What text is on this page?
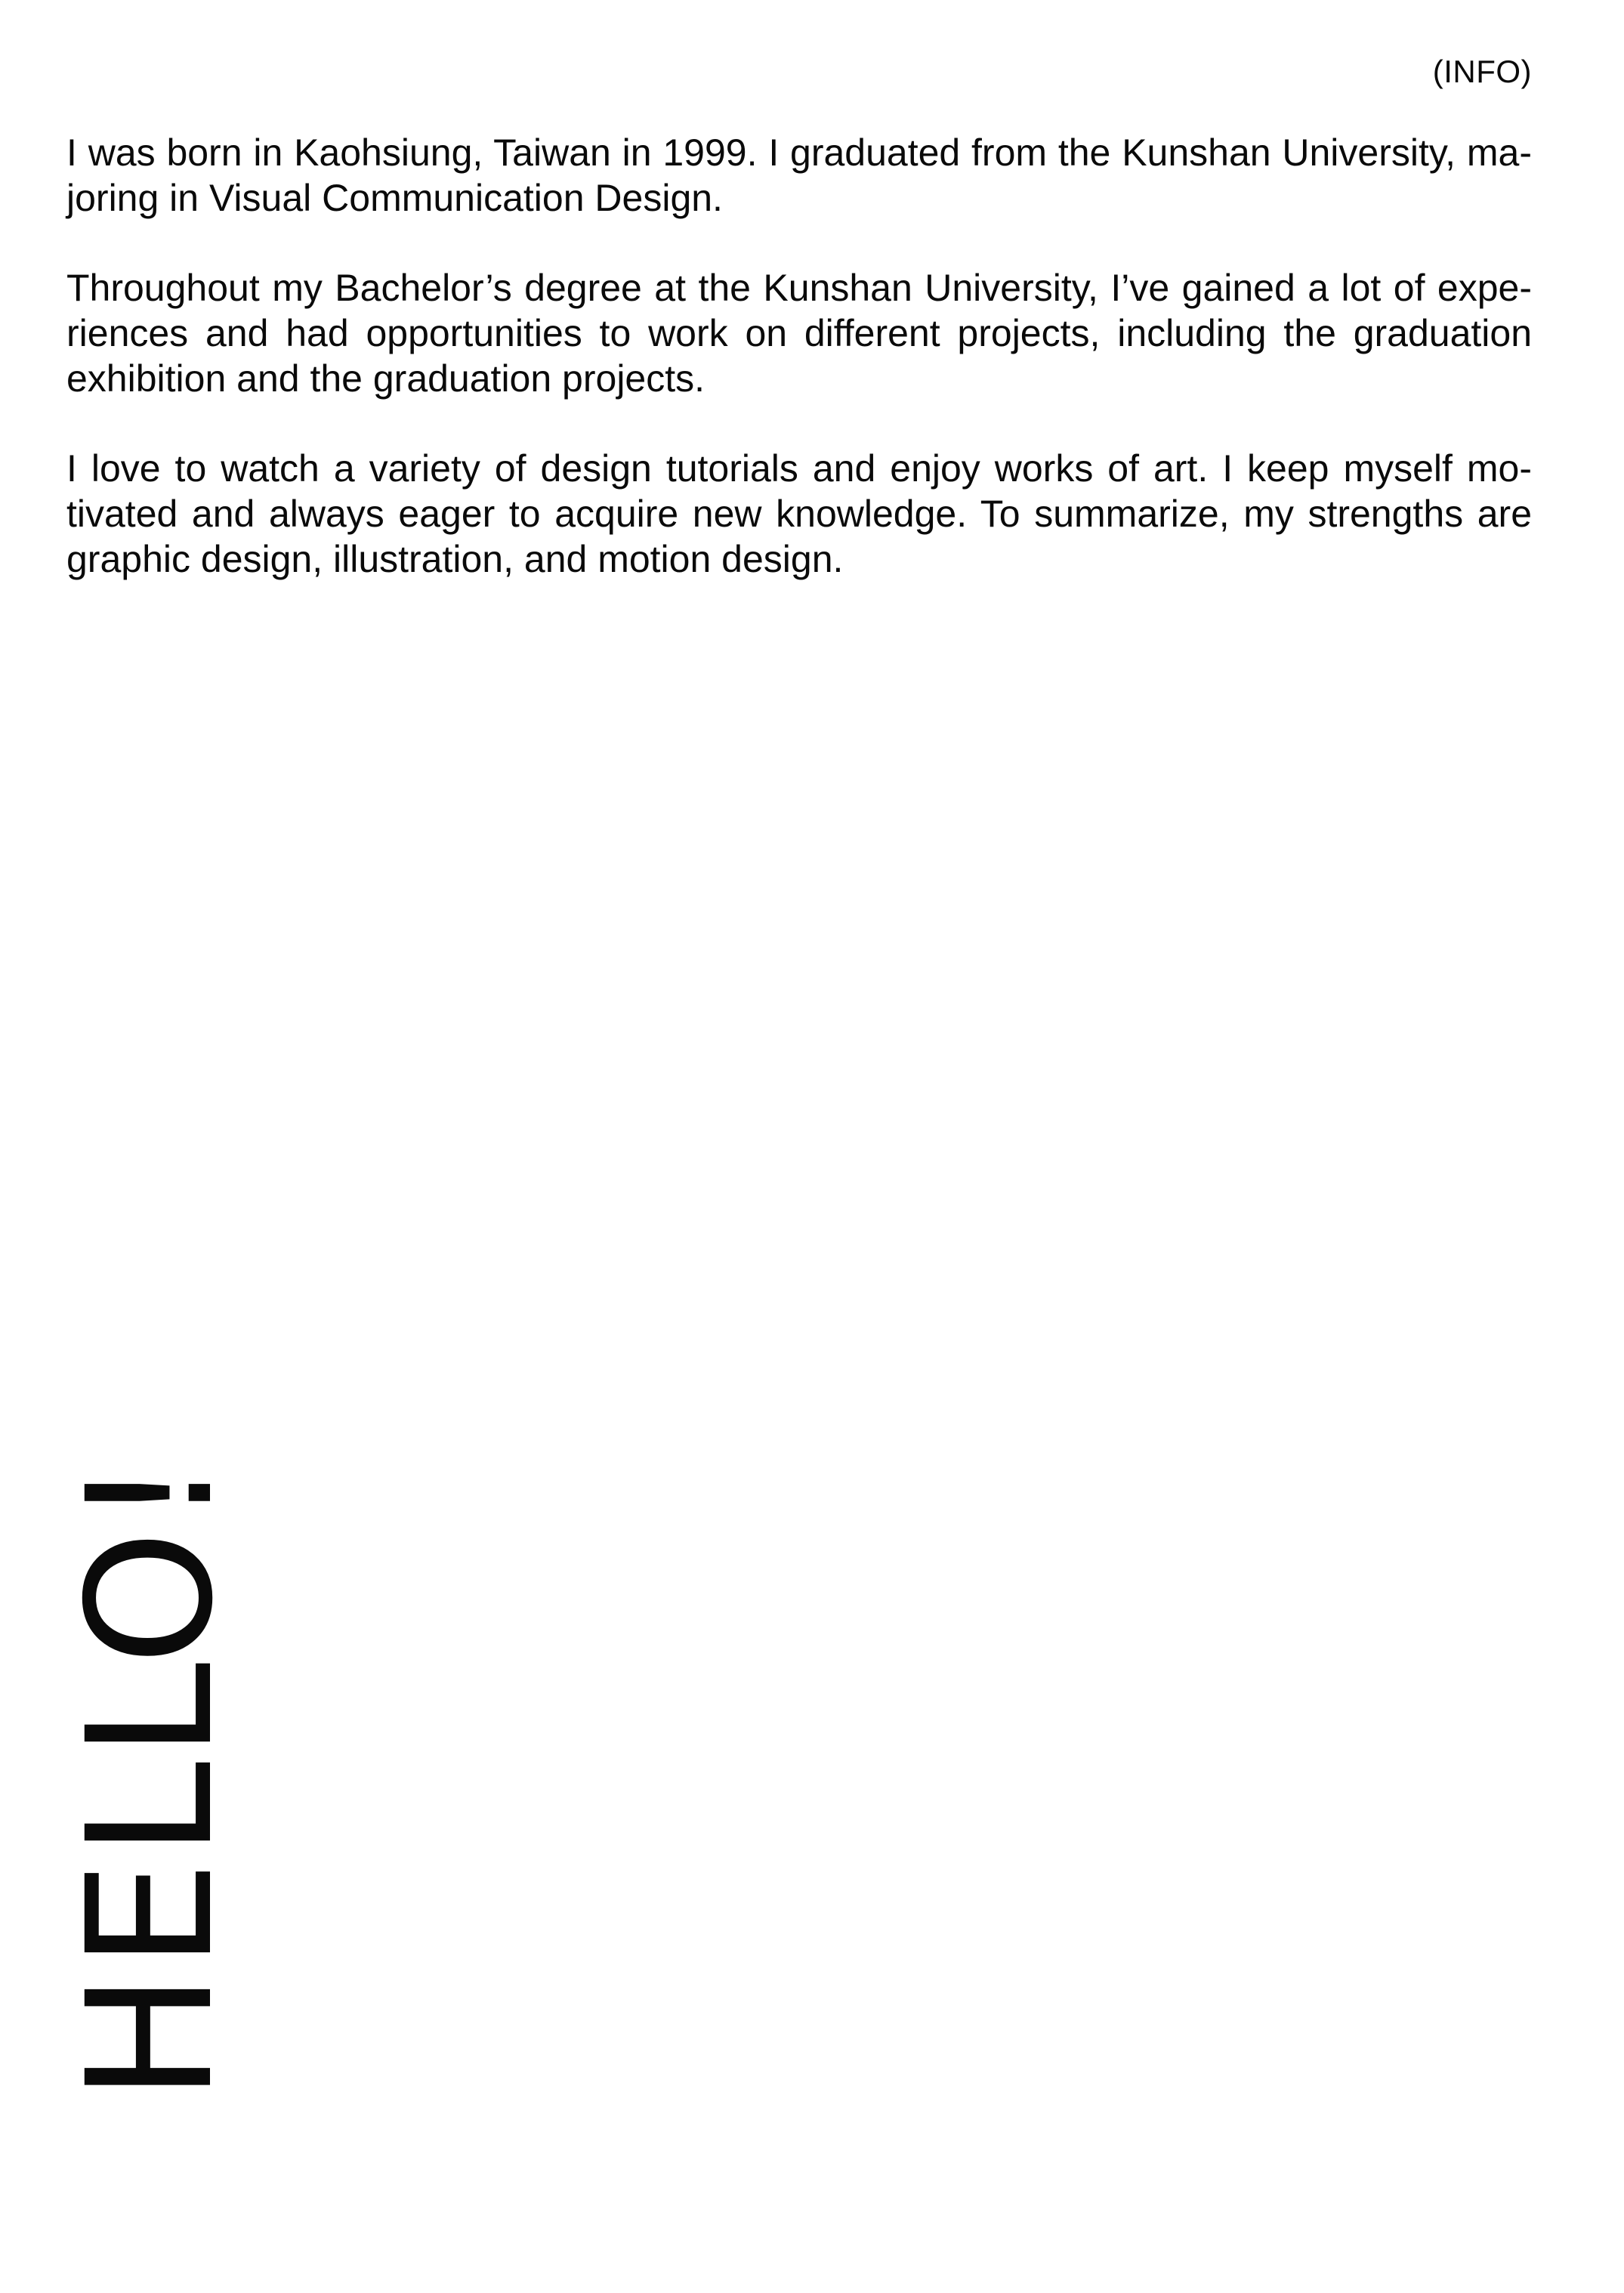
(INFO)

I was born in Kaohsiung, Taiwan in 1999. I graduated from the Kunshan University, majoring in Visual Communication Design.

Throughout my Bachelor’s degree at the Kunshan University, I’ve gained a lot of experiences and had opportunities to work on different projects, including the graduation exhibition and the graduation projects.

I love to watch a variety of design tutorials and enjoy works of art. I keep myself motivated and always eager to acquire new knowledge. To summarize, my strengths are graphic design, illustration, and motion design.

HELLO!
